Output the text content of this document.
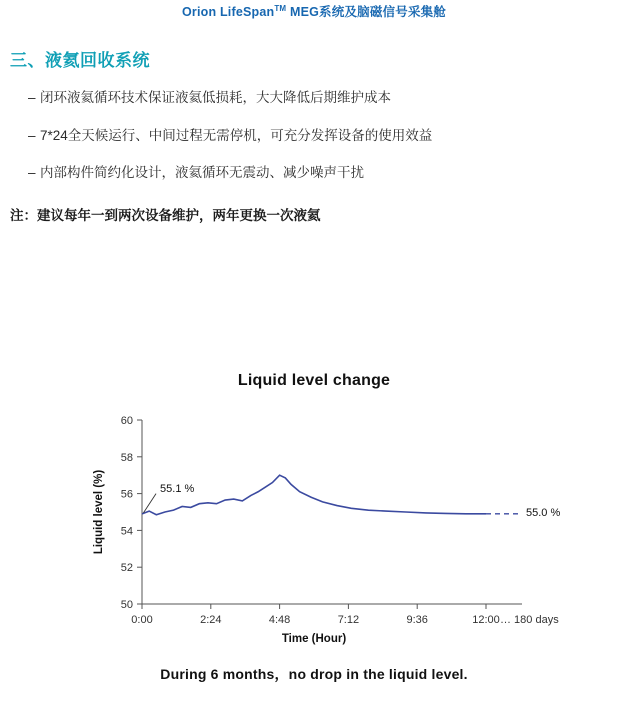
Orion LifeSpan™ MEG系统及脑磁信号采集舱
三、液氦回收系统
– 闭环液氦循环技术保证液氦低损耗，大大降低后期维护成本
– 7*24全天候运行、中间过程无需停机，可充分发挥设备的使用效益
– 内部构件简约化设计，液氦循环无震动、减少噪声干扰
注：建议每年一到两次设备维护，两年更换一次液氦
Liquid level change
50
52
54
56
58
60
0:00	2:24	4:48	7:12	9:36	12:00 … 180 days
Liquid level (%)
Time (Hour)
55.1 %
55.0 %
During 6 months，no drop in the liquid level.
